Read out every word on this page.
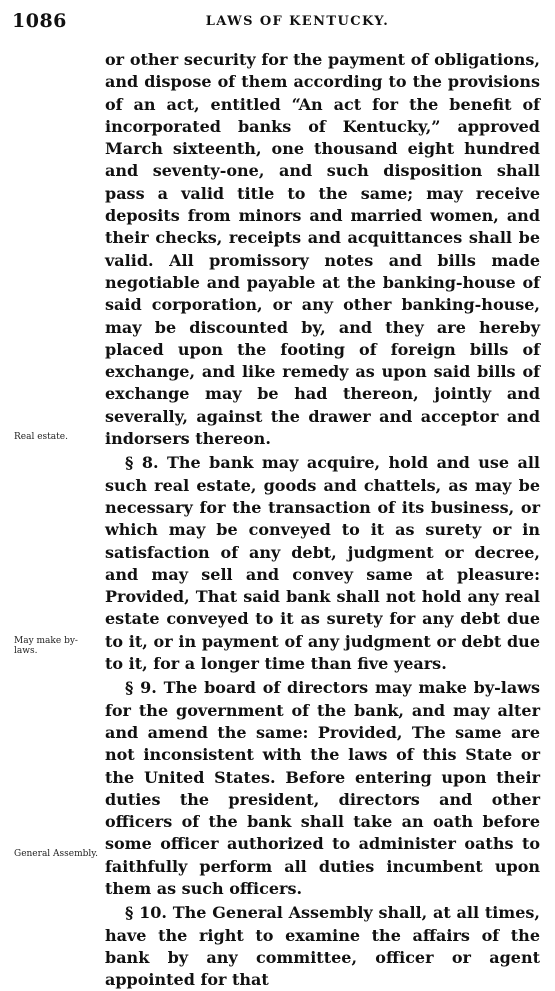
1086	LAWS OF KENTUCKY.
Real estate.
May make by-laws.
General Assembly.

or other security for the payment of obligations, and dispose of them according to the provisions of an act, entitled “An act for the benefit of incorporated banks of Kentucky,” approved March sixteenth, one thousand eight hundred and seventy-one, and such disposition shall pass a valid title to the same; may receive deposits from minors and married women, and their checks, receipts and acquittances shall be valid. All promissory notes and bills made negotiable and payable at the banking-house of said corporation, or any other banking-house, may be discounted by, and they are hereby placed upon the footing of foreign bills of exchange, and like remedy as upon said bills of exchange may be had thereon, jointly and severally, against the drawer and acceptor and indorsers thereon.

§ 8. The bank may acquire, hold and use all such real estate, goods and chattels, as may be necessary for the transaction of its business, or which may be conveyed to it as surety or in satisfaction of any debt, judgment or decree, and may sell and convey same at pleasure: Provided, That said bank shall not hold any real estate conveyed to it as surety for any debt due to it, or in payment of any judgment or debt due to it, for a longer time than five years.

§ 9. The board of directors may make by-laws for the government of the bank, and may alter and amend the same: Provided, The same are not inconsistent with the laws of this State or the United States. Before entering upon their duties the president, directors and other officers of the bank shall take an oath before some officer authorized to administer oaths to faithfully perform all duties incumbent upon them as such officers.

§ 10. The General Assembly shall, at all times, have the right to examine the affairs of the bank by any committee, officer or agent appointed for that
